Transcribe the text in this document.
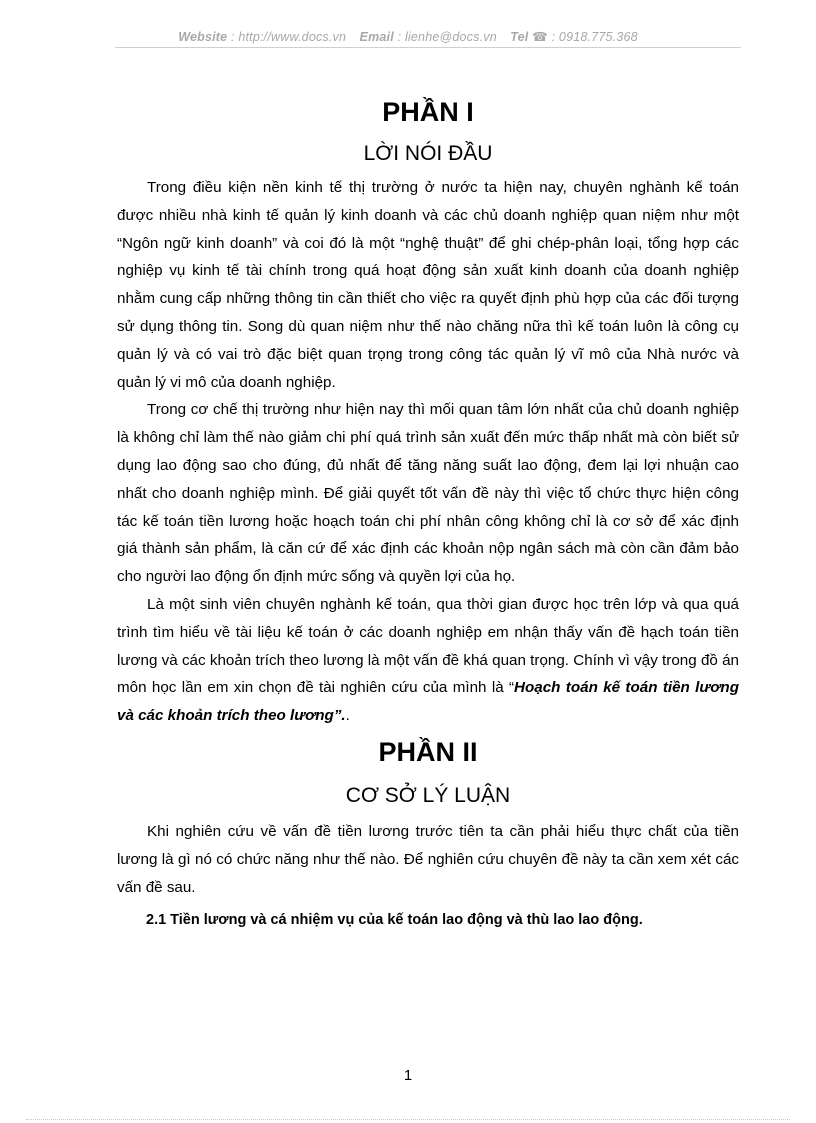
Website : http://www.docs.vn Email : lienhe@docs.vn Tel ☎ : 0918.775.368
PHẦN I
LỜI NÓI ĐẦU

Trong điều kiện nền kinh tế thị trường ở nước ta hiện nay, chuyên nghành kế toán được nhiều nhà kinh tế quản lý kinh doanh và các chủ doanh nghiệp quan niệm như một “Ngôn ngữ kinh doanh” và coi đó là một “nghệ thuật” để ghi chép-phân loại, tổng hợp các nghiệp vụ kinh tế tài chính trong quá hoạt động sản xuất kinh doanh của doanh nghiệp nhằm cung cấp những thông tin cần thiết cho việc ra quyết định phù hợp của các đối tượng sử dụng thông tin. Song dù quan niệm như thế nào chăng nữa thì kế toán luôn là công cụ quản lý và có vai trò đặc biệt quan trọng trong công tác quản lý vĩ mô của Nhà nước và quản lý vi mô của doanh nghiệp.

Trong cơ chế thị trường như hiện nay thì mối quan tâm lớn nhất của chủ doanh nghiệp là không chỉ làm thế nào giảm chi phí quá trình sản xuất đến mức thấp nhất mà còn biết sử dụng lao động sao cho đúng, đủ nhất để tăng năng suất lao động, đem lại lợi nhuận cao nhất cho doanh nghiệp mình. Để giải quyết tốt vấn đề này thì việc tổ chức thực hiện công tác kế toán tiền lương hoặc hoạch toán chi phí nhân công không chỉ là cơ sở để xác định giá thành sản phẩm, là căn cứ để xác định các khoản nộp ngân sách mà còn cần đảm bảo cho người lao động ổn định mức sống và quyền lợi của họ.

Là một sinh viên chuyên nghành kế toán, qua thời gian được học trên lớp và qua quá trình tìm hiểu về tài liệu kế toán ở các doanh nghiệp em nhận thấy vấn đề hạch toán tiền lương và các khoản trích theo lương là một vấn đề khá quan trọng. Chính vì vậy trong đồ án môn học lần em xin chọn đề tài nghiên cứu của mình là “Hoạch toán kế toán tiền lương và các khoản trích theo lương”..

PHẦN II
CƠ SỞ LÝ LUẬN

Khi nghiên cứu về vấn đề tiền lương trước tiên ta cần phải hiểu thực chất của tiền lương là gì nó có chức năng như thế nào. Để nghiên cứu chuyên đề này ta cần xem xét các vấn đề sau.

2.1 Tiền lương và cá nhiệm vụ của kế toán lao động và thù lao lao động.
1
